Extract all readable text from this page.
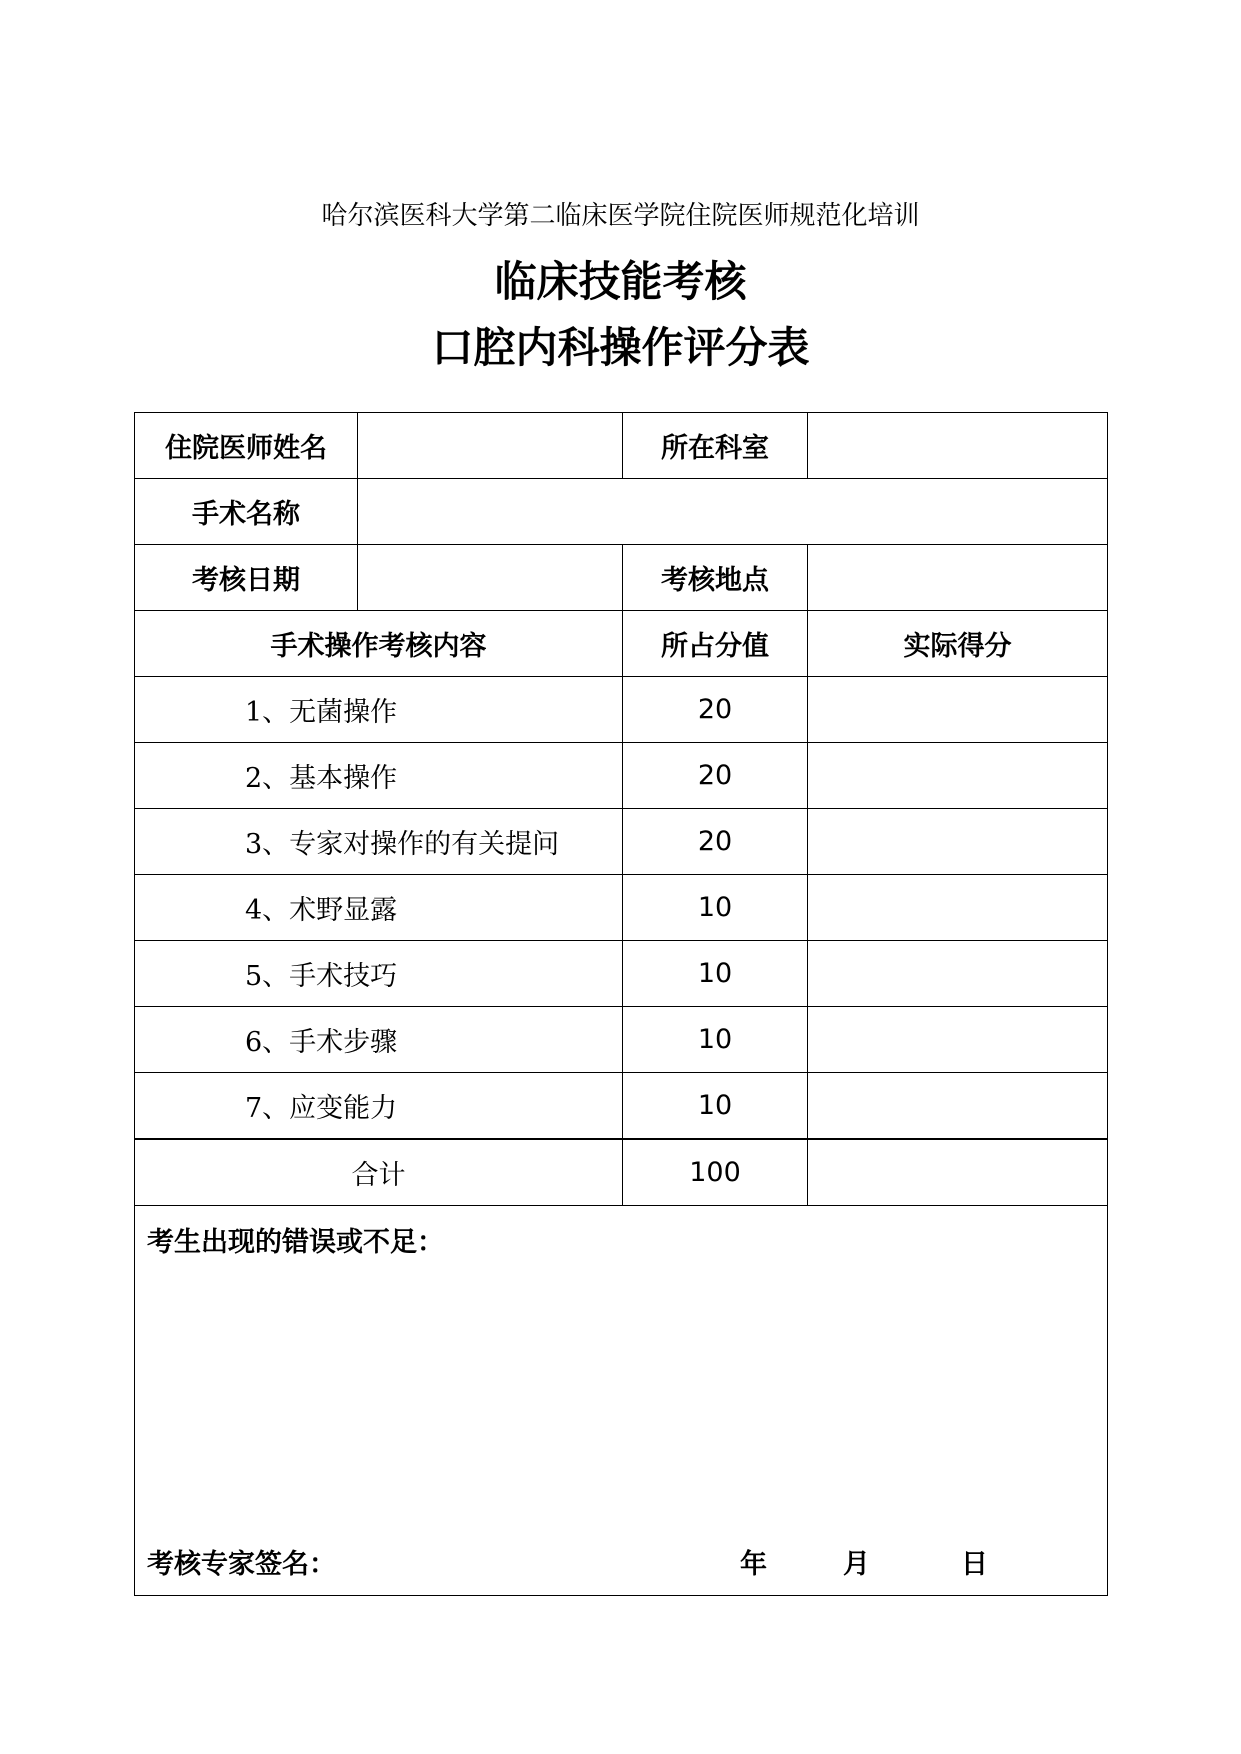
哈尔滨医科大学第二临床医学院住院医师规范化培训
临床技能考核
口腔内科操作评分表
住院医师姓名		所在科室	
手术名称			
考核日期		考核地点	
手术操作考核内容		所占分值	实际得分
1、无菌操作		20	
2、基本操作		20	
3、专家对操作的有关提问		20	
4、术野显露		10	
5、手术技巧		10	
6、手术步骤		10	
7、应变能力		10	
合计		100	

考生出现的错误或不足：
考核专家签名： 年 月 日			
